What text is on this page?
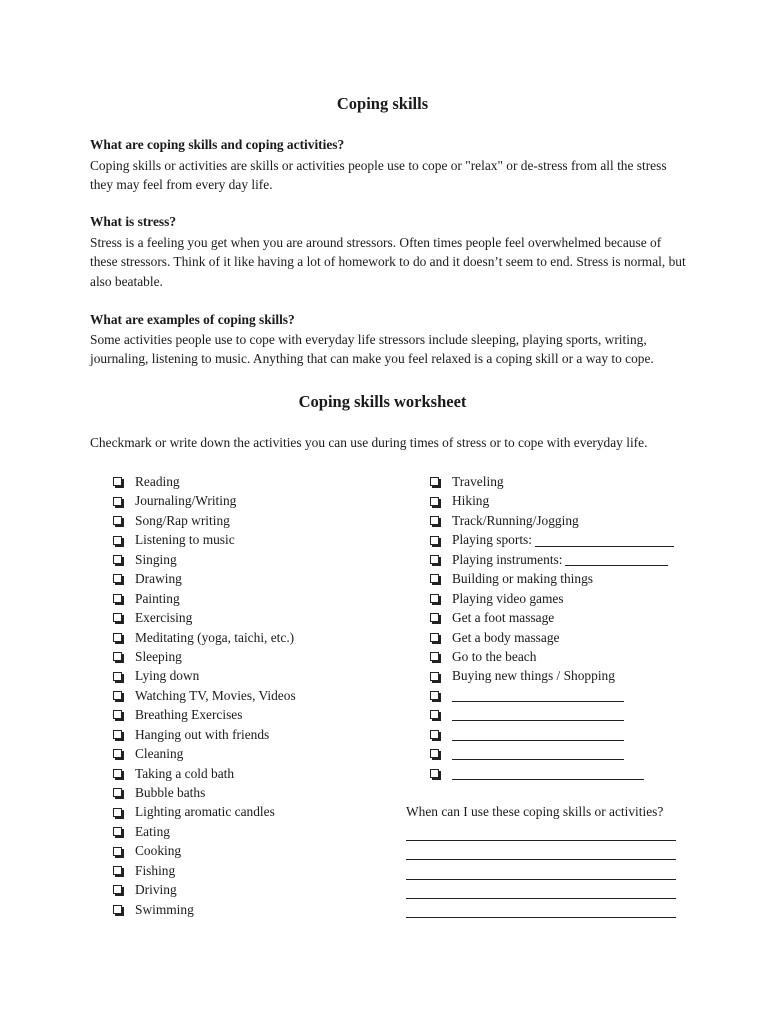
Coping skills
What are coping skills and coping activities?
Coping skills or activities are skills or activities people use to cope or "relax" or de-stress from all the stress they may feel from every day life.
What is stress?
Stress is a feeling you get when you are around stressors. Often times people feel overwhelmed because of these stressors. Think of it like having a lot of homework to do and it doesn’t seem to end. Stress is normal, but also beatable.
What are examples of coping skills?
Some activities people use to cope with everyday life stressors include sleeping, playing sports, writing, journaling, listening to music. Anything that can make you feel relaxed is a coping skill or a way to cope.
Coping skills worksheet
Checkmark or write down the activities you can use during times of stress or to cope with everyday life.
Reading
Journaling/Writing
Song/Rap writing
Listening to music
Singing
Drawing
Painting
Exercising
Meditating (yoga, taichi, etc.)
Sleeping
Lying down
Watching TV, Movies, Videos
Breathing Exercises
Hanging out with friends
Cleaning
Taking a cold bath
Bubble baths
Lighting aromatic candles
Eating
Cooking
Fishing
Driving
Swimming
Traveling
Hiking
Track/Running/Jogging
Playing sports:
Playing instruments:
Building or making things
Playing video games
Get a foot massage
Get a body massage
Go to the beach
Buying new things / Shopping
When can I use these coping skills or activities?
